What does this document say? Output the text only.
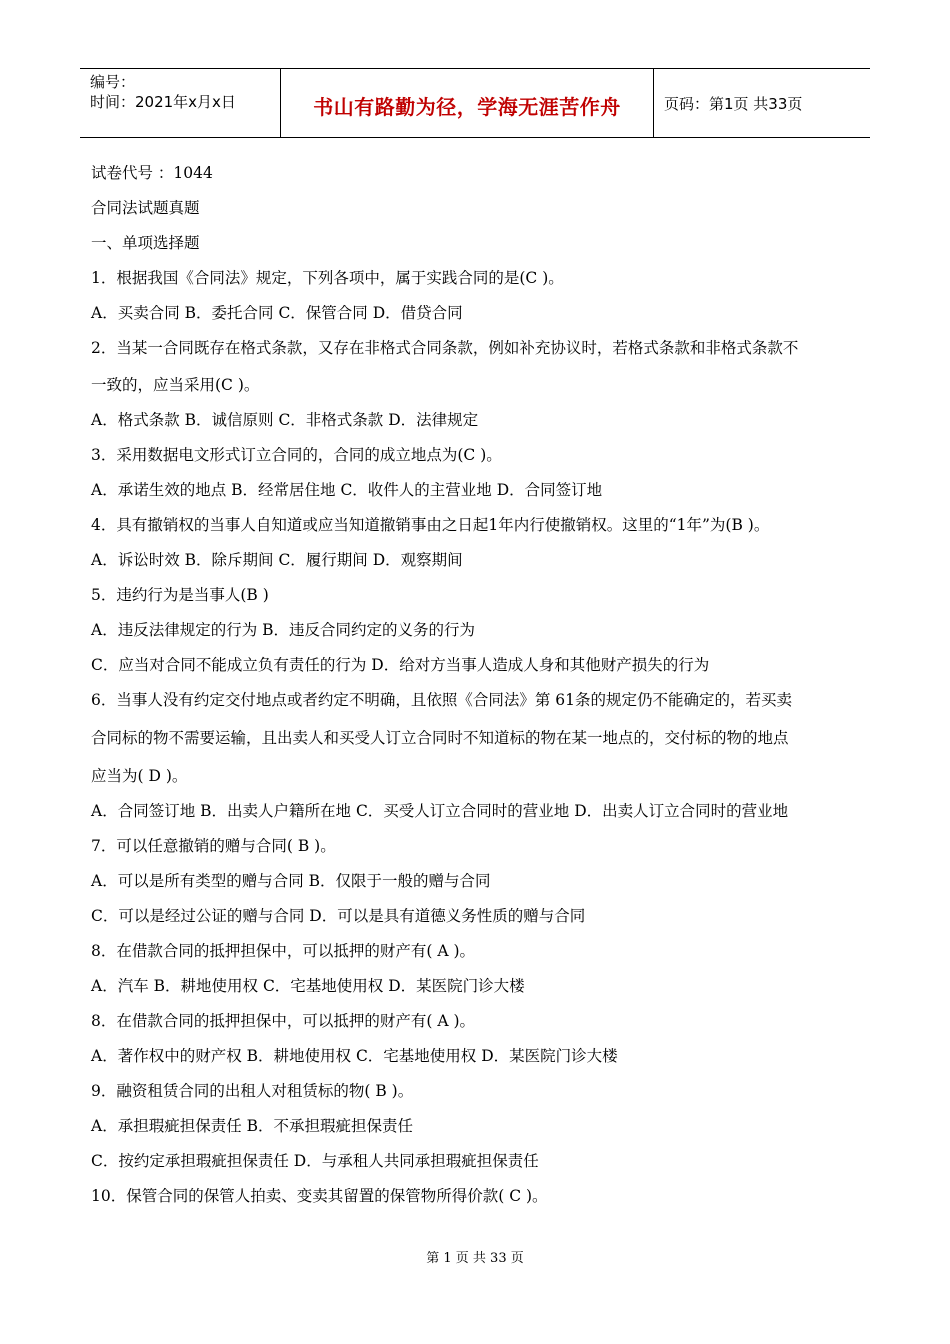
编号：
时间：2021年x月x日	书山有路勤为径，学海无涯苦作舟	页码：第1页 共33页
试卷代号 ：1044
合同法试题真题
一、单项选择题
1．根据我国《合同法》规定，下列各项中，属于实践合同的是(C )。
A．买卖合同 B．委托合同 C．保管合同 D．借贷合同
2．当某一合同既存在格式条款，又存在非格式合同条款，例如补充协议时，若格式条款和非格式条款不
一致的，应当采用(C )。
A．格式条款 B．诚信原则 C．非格式条款 D．法律规定
3．采用数据电文形式订立合同的，合同的成立地点为(C )。
A．承诺生效的地点 B．经常居住地 C．收件人的主营业地 D．合同签订地
4．具有撤销权的当事人自知道或应当知道撤销事由之日起1年内行使撤销权。这里的“1年”为(B )。
A．诉讼时效 B．除斥期间 C．履行期间 D．观察期间
5．违约行为是当事人(B )
A．违反法律规定的行为 B．违反合同约定的义务的行为
C．应当对合同不能成立负有责任的行为 D．给对方当事人造成人身和其他财产损失的行为
6．当事人没有约定交付地点或者约定不明确，且依照《合同法》第 61条的规定仍不能确定的，若买卖
合同标的物不需要运输，且出卖人和买受人订立合同时不知道标的物在某一地点的，交付标的物的地点
应当为( D )。
A．合同签订地 B．出卖人户籍所在地 C．买受人订立合同时的营业地 D．出卖人订立合同时的营业地
7．可以任意撤销的赠与合同( B )。
A．可以是所有类型的赠与合同 B．仅限于一般的赠与合同
C．可以是经过公证的赠与合同 D．可以是具有道德义务性质的赠与合同
8．在借款合同的抵押担保中，可以抵押的财产有( A )。
A．汽车 B．耕地使用权 C．宅基地使用权 D．某医院门诊大楼
8．在借款合同的抵押担保中，可以抵押的财产有( A )。
A．著作权中的财产权 B．耕地使用权 C．宅基地使用权 D．某医院门诊大楼
9．融资租赁合同的出租人对租赁标的物( B )。
A．承担瑕疵担保责任 B．不承担瑕疵担保责任
C．按约定承担瑕疵担保责任 D．与承租人共同承担瑕疵担保责任
10．保管合同的保管人拍卖、变卖其留置的保管物所得价款( C )。
第 1 页 共 33 页
